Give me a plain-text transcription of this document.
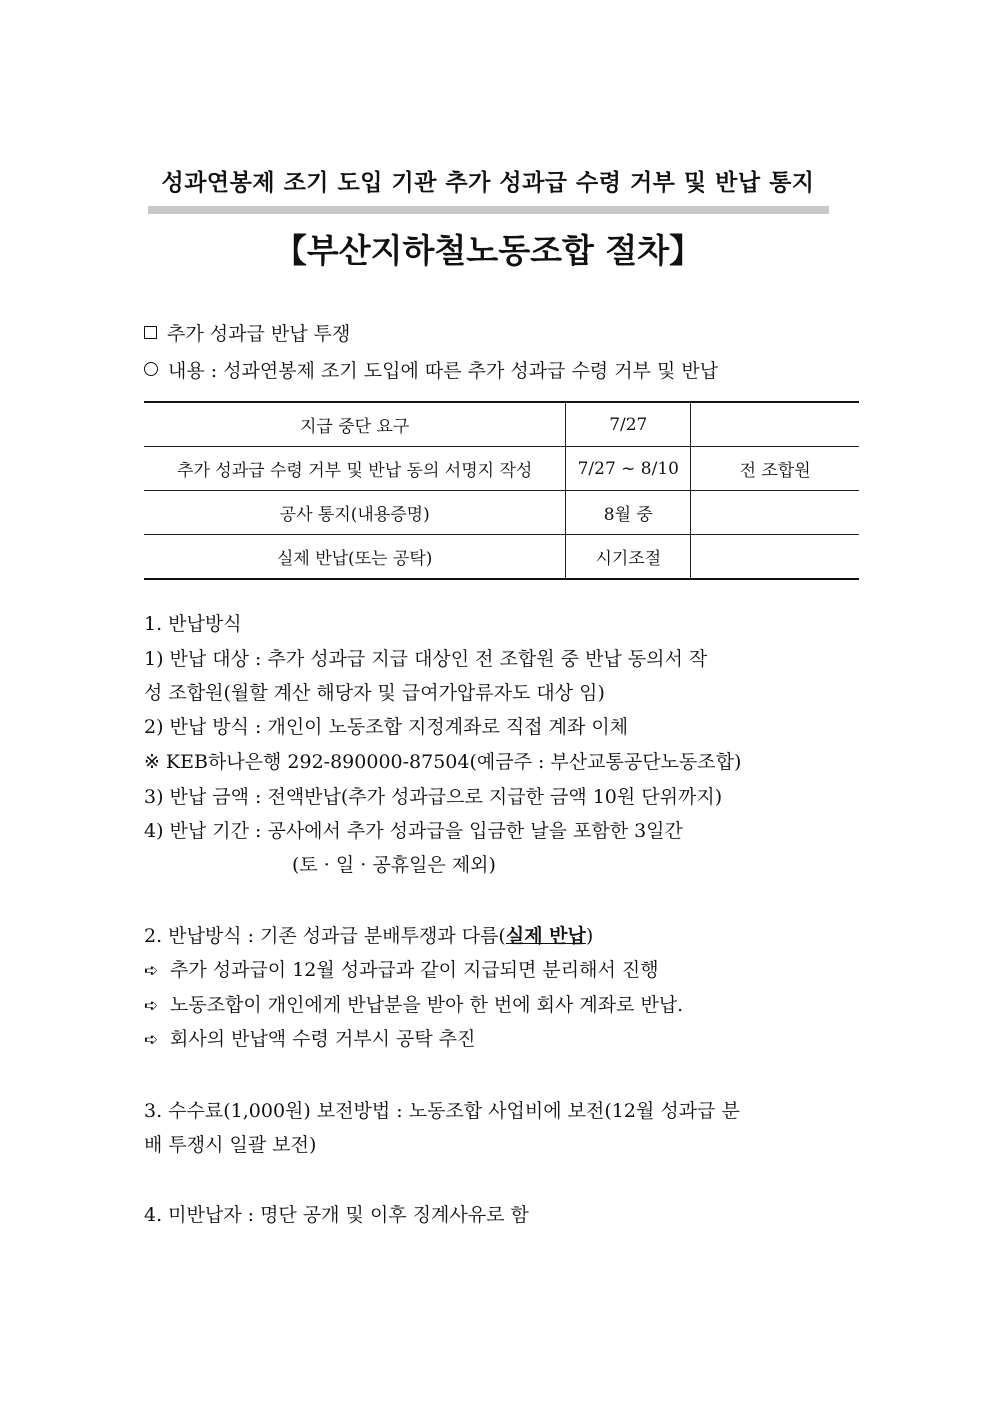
성과연봉제 조기 도입 기관 추가 성과급 수령 거부 및 반납 통지
【부산지하철노동조합 절차】
추가 성과급 반납 투쟁
내용 : 성과연봉제 조기 도입에 따른 추가 성과급 수령 거부 및 반납
지급 중단 요구	7/27	
추가 성과급 수령 거부 및 반납 동의 서명지 작성	7/27 ~ 8/10	전 조합원
공사 통지(내용증명)	8월 중	
실제 반납(또는 공탁)	시기조절	
1. 반납방식
1) 반납 대상 : 추가 성과급 지급 대상인 전 조합원 중 반납 동의서 작
성 조합원(월할 계산 해당자 및 급여가압류자도 대상 임)
2) 반납 방식 : 개인이 노동조합 지정계좌로 직접 계좌 이체
※ KEB하나은행 292-890000-87504(예금주 : 부산교통공단노동조합)
3) 반납 금액 : 전액반납(추가 성과급으로 지급한 금액 10원 단위까지)
4) 반납 기간 : 공사에서 추가 성과급을 입금한 날을 포함한 3일간
(토 · 일 · 공휴일은 제외)
2. 반납방식 : 기존 성과급 분배투쟁과 다름(실제 반납)
➪ 추가 성과급이 12월 성과급과 같이 지급되면 분리해서 진행
➪ 노동조합이 개인에게 반납분을 받아 한 번에 회사 계좌로 반납.
➪ 회사의 반납액 수령 거부시 공탁 추진
3. 수수료(1,000원) 보전방법 : 노동조합 사업비에 보전(12월 성과급 분
배 투쟁시 일괄 보전)
4. 미반납자 : 명단 공개 및 이후 징계사유로 함
